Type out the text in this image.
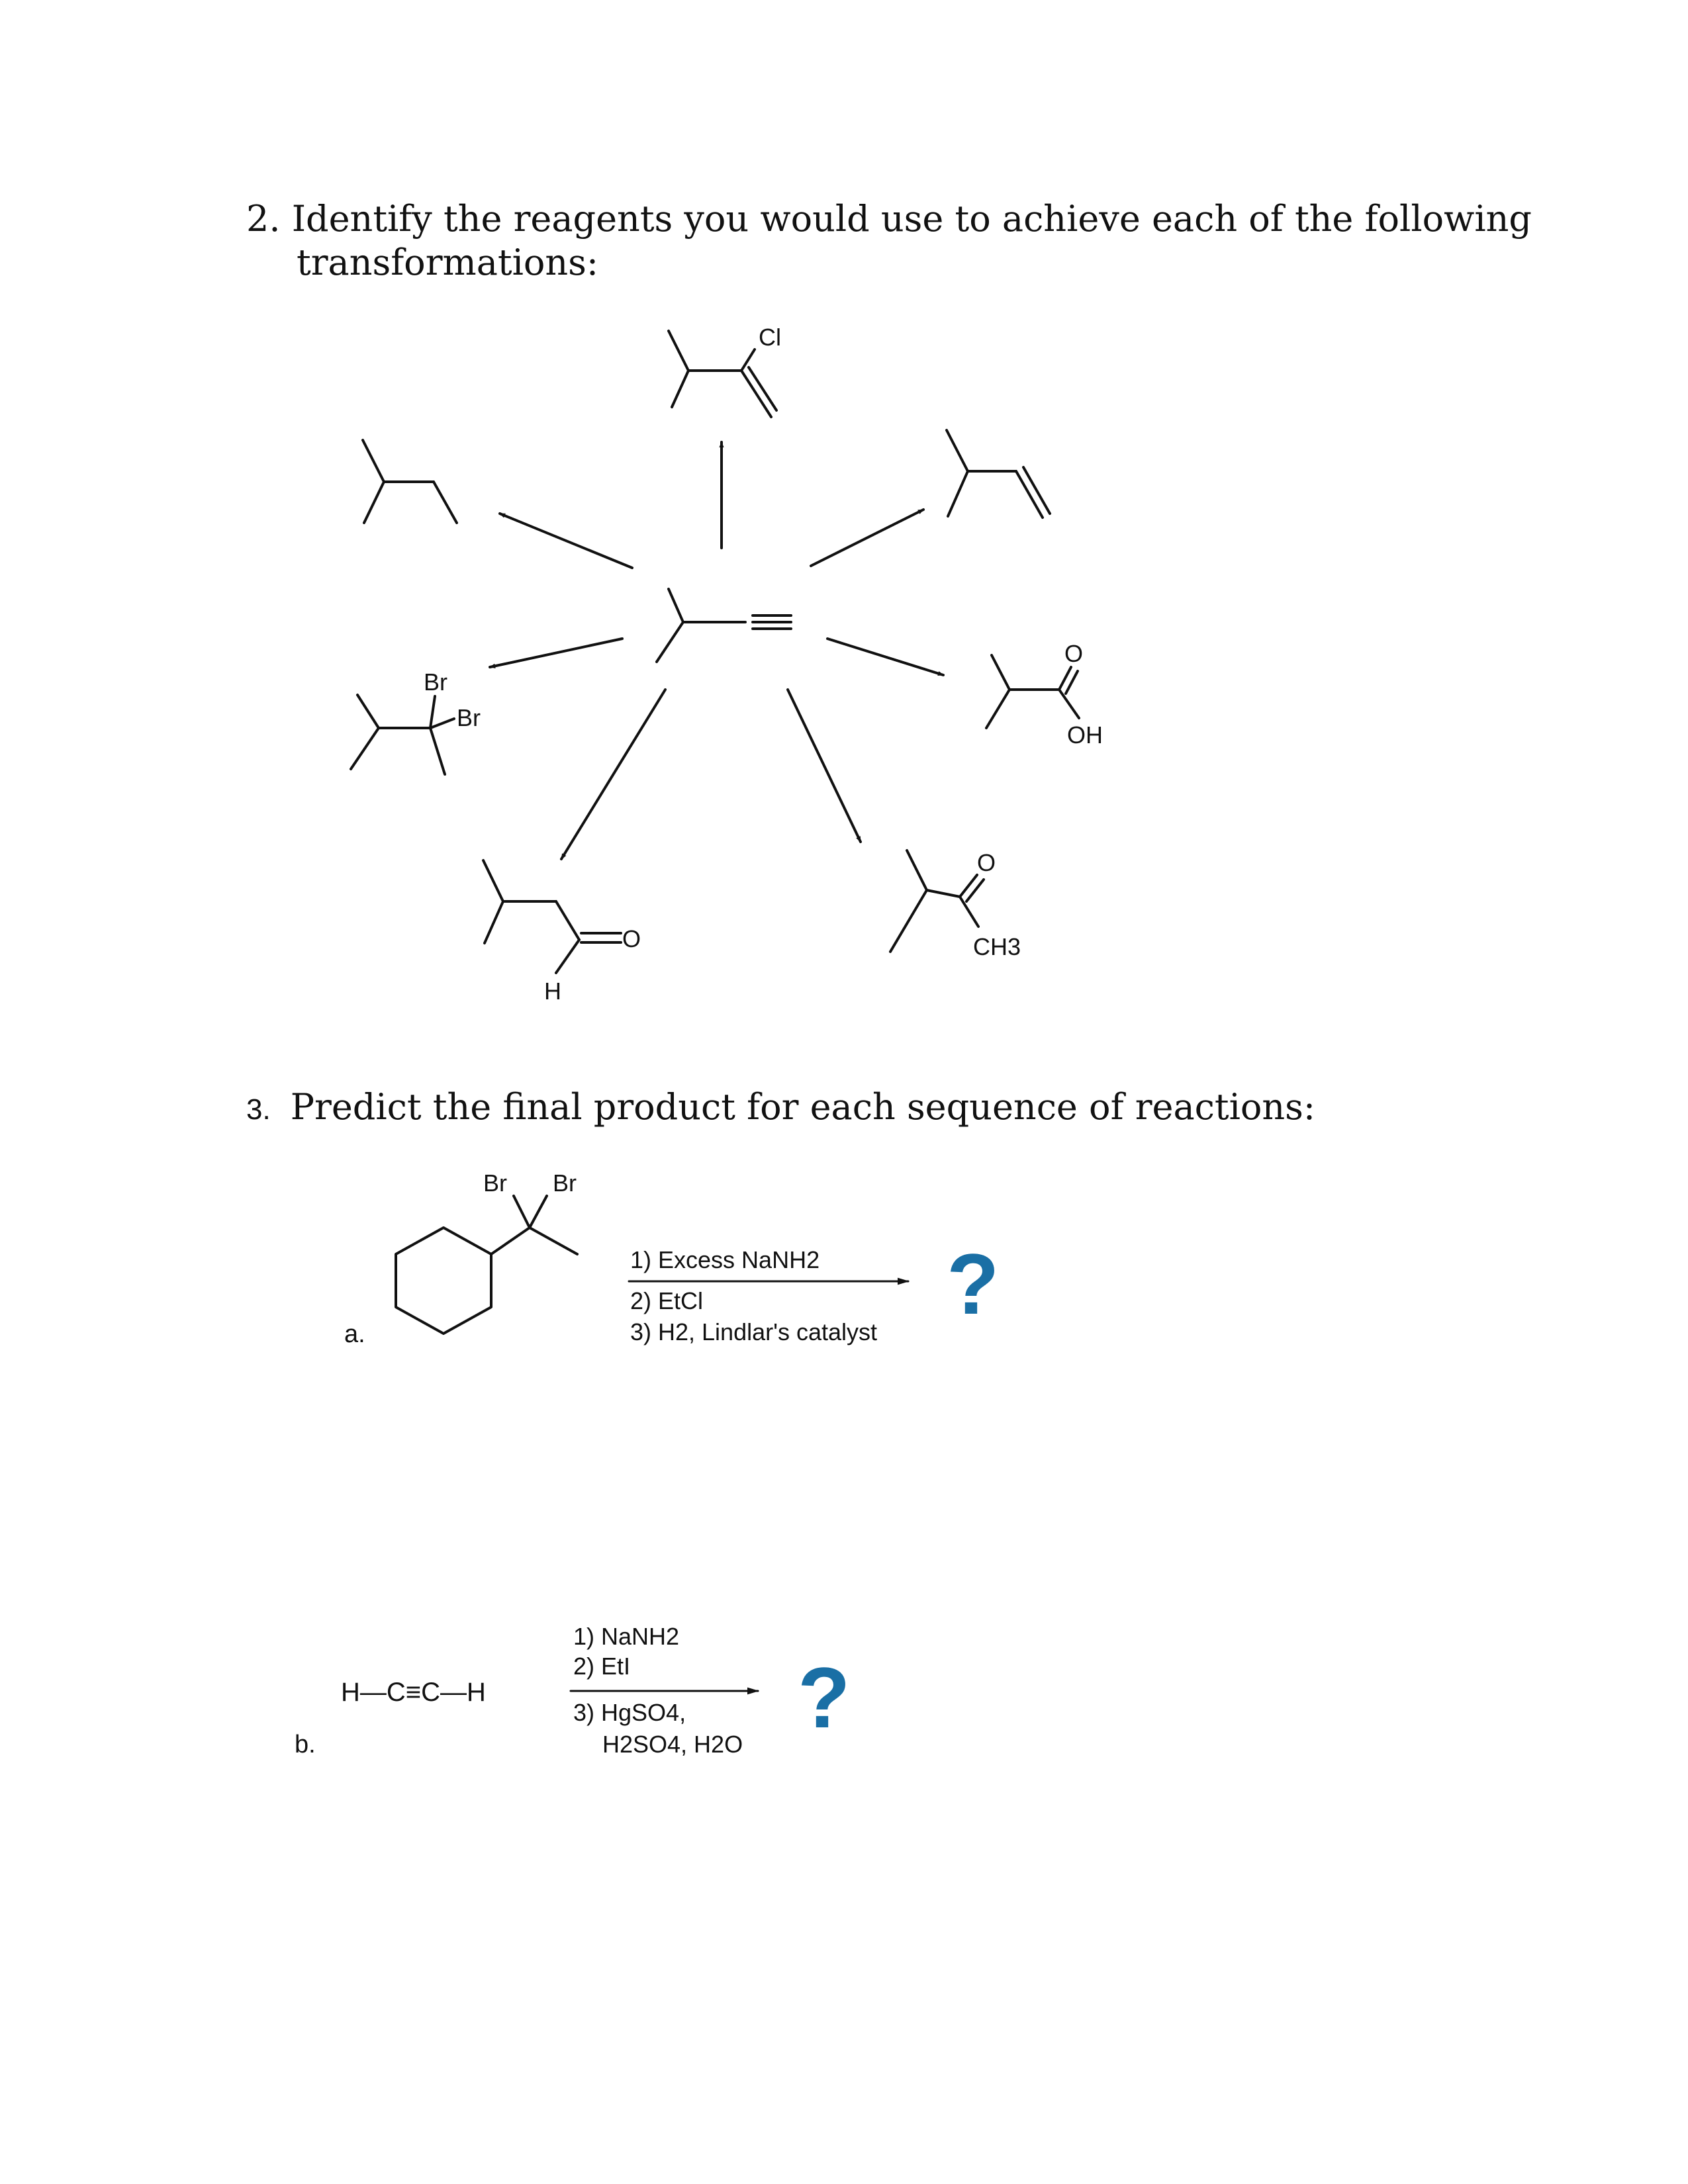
2. Identify the reagents you would use to achieve each of the following
transformations:
3. Predict the final product for each sequence of reactions:
a.
b.
Cl
Br
Br
O
OH
O
H
O
CH3
Br Br
1) Excess NaNH2
2) EtCl
3) H2, Lindlar's catalyst ?
H—C≡C—H
1) NaNH2
2) EtI
3) HgSO4,
H2SO4, H2O ?
